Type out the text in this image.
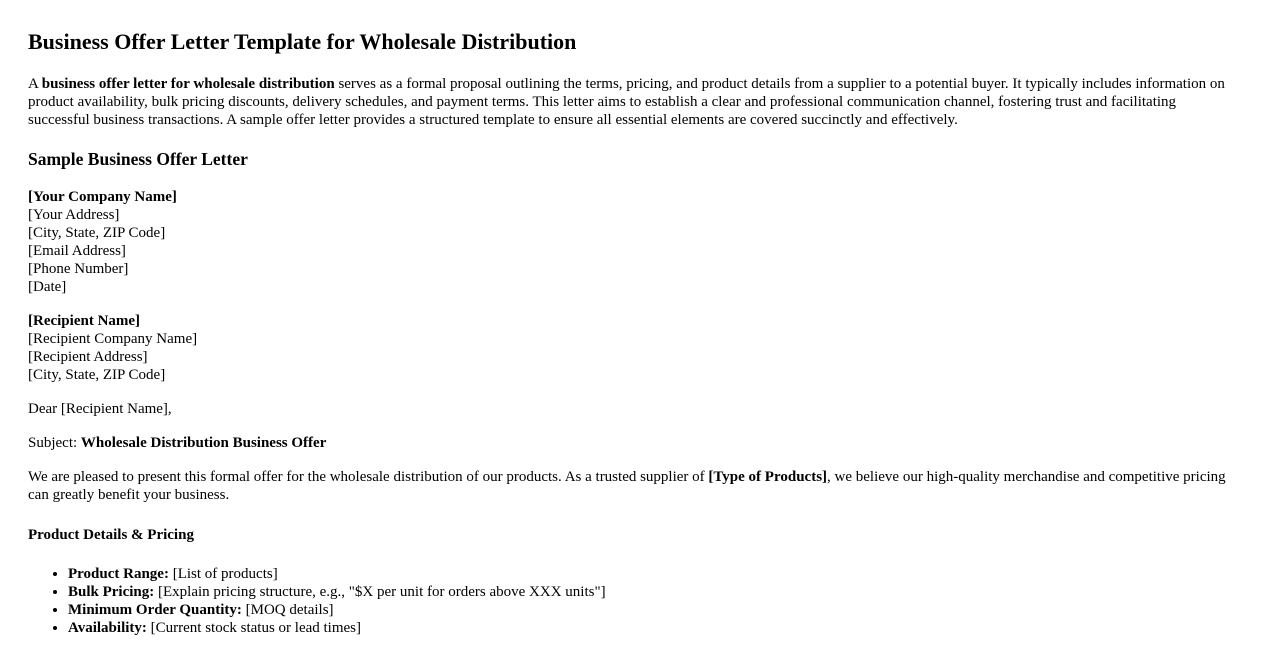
Business Offer Letter Template for Wholesale Distribution

A business offer letter for wholesale distribution serves as a formal proposal outlining the terms, pricing, and product details from a supplier to a potential buyer. It typically includes information on product availability, bulk pricing discounts, delivery schedules, and payment terms. This letter aims to establish a clear and professional communication channel, fostering trust and facilitating successful business transactions. A sample offer letter provides a structured template to ensure all essential elements are covered succinctly and effectively.

Sample Business Offer Letter

[Your Company Name]
[Your Address]
[City, State, ZIP Code]
[Email Address]
[Phone Number]
[Date]

[Recipient Name]
[Recipient Company Name]
[Recipient Address]
[City, State, ZIP Code]

Dear [Recipient Name],

Subject: Wholesale Distribution Business Offer

We are pleased to present this formal offer for the wholesale distribution of our products. As a trusted supplier of [Type of Products], we believe our high-quality merchandise and competitive pricing can greatly benefit your business.

Product Details & Pricing

• Product Range: [List of products]
• Bulk Pricing: [Explain pricing structure, e.g., "$X per unit for orders above XXX units"]
• Minimum Order Quantity: [MOQ details]
• Availability: [Current stock status or lead times]
